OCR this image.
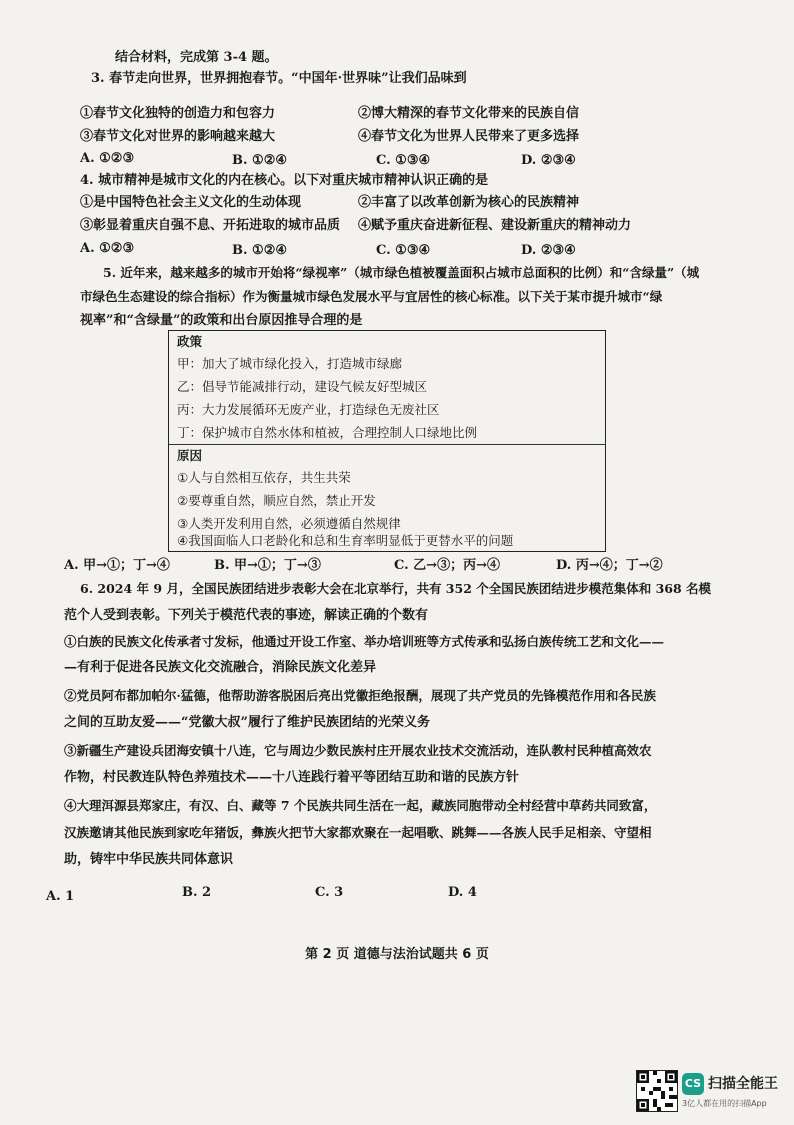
结合材料，完成第 3-4 题。
3. 春节走向世界，世界拥抱春节。“中国年·世界味”让我们品味到
①春节文化独特的创造力和包容力	②博大精深的春节文化带来的民族自信
③春节文化对世界的影响越来越大	④春节文化为世界人民带来了更多选择
A. ①②③	B. ①②④	C. ①③④	D. ②③④
4. 城市精神是城市文化的内在核心。以下对重庆城市精神认识正确的是
①是中国特色社会主义文化的生动体现	②丰富了以改革创新为核心的民族精神
③彰显着重庆自强不息、开拓进取的城市品质 ④赋予重庆奋进新征程、建设新重庆的精神动力
A. ①②③	B. ①②④	C. ①③④	D. ②③④
5. 近年来，越来越多的城市开始将“绿视率”（城市绿色植被覆盖面积占城市总面积的比例）和“含绿量”（城
市绿色生态建设的综合指标）作为衡量城市绿色发展水平与宜居性的核心标准。以下关于某市提升城市“绿
视率”和“含绿量”的政策和出台原因推导合理的是
政策
甲：加大了城市绿化投入，打造城市绿廊
乙：倡导节能减排行动，建设气候友好型城区
丙：大力发展循环无废产业，打造绿色无废社区
丁：保护城市自然水体和植被，合理控制人口绿地比例
原因
①人与自然相互依存，共生共荣
②要尊重自然，顺应自然，禁止开发
③人类开发利用自然，必须遵循自然规律
④我国面临人口老龄化和总和生育率明显低于更替水平的问题
A. 甲→①；丁→④	B. 甲→①；丁→③	C. 乙→③；丙→④	D. 丙→④；丁→②
6. 2024 年 9 月，全国民族团结进步表彰大会在北京举行，共有 352 个全国民族团结进步模范集体和 368 名模
范个人受到表彰。下列关于模范代表的事迹，解读正确的个数有
①白族的民族文化传承者寸发标，他通过开设工作室、举办培训班等方式传承和弘扬白族传统工艺和文化——
—有利于促进各民族文化交流融合，消除民族文化差异
②党员阿布都加帕尔·猛德，他帮助游客脱困后亮出党徽拒绝报酬，展现了共产党员的先锋模范作用和各民族
之间的互助友爱——“党徽大叔”履行了维护民族团结的光荣义务
③新疆生产建设兵团海安镇十八连，它与周边少数民族村庄开展农业技术交流活动，连队教村民种植高效农
作物，村民教连队特色养殖技术——十八连践行着平等团结互助和谐的民族方针
④大理洱源县郑家庄，有汉、白、藏等 7 个民族共同生活在一起，藏族同胞带动全村经营中草药共同致富，
汉族邀请其他民族到家吃年猪饭，彝族火把节大家都欢聚在一起唱歌、跳舞——各族人民手足相亲、守望相
助，铸牢中华民族共同体意识
A. 1	B. 2	C. 3	D. 4
第 2 页 道德与法治试题共 6 页
CS 扫描全能王
3亿人都在用的扫描App
